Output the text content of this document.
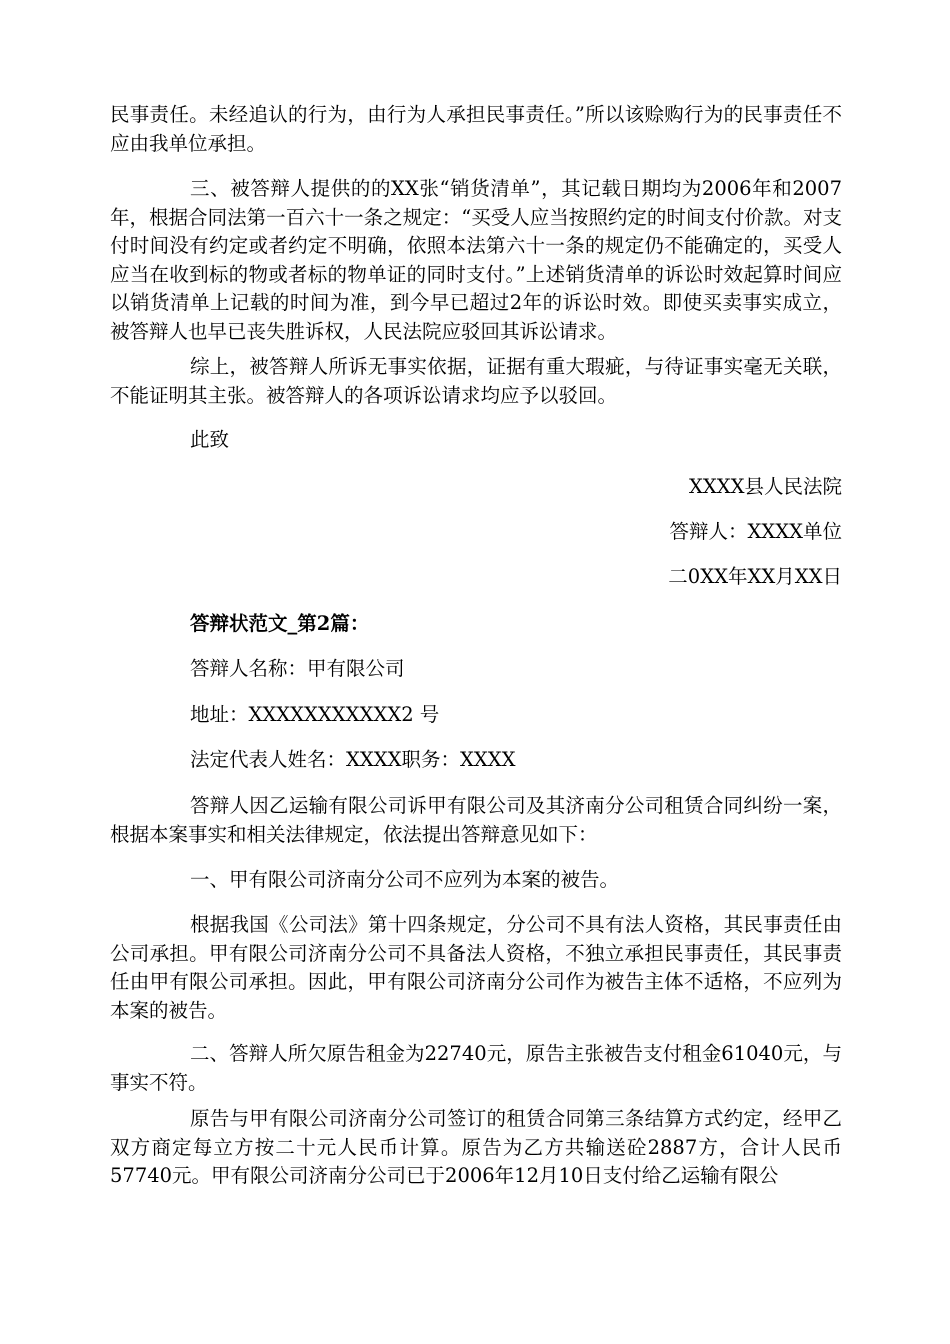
民事责任。未经追认的行为，由行为人承担民事责任。”所以该赊购行为的民事责任不应由我单位承担。

三、被答辩人提供的的XX张“销货清单”，其记载日期均为2006年和2007年，根据合同法第一百六十一条之规定：“买受人应当按照约定的时间支付价款。对支付时间没有约定或者约定不明确，依照本法第六十一条的规定仍不能确定的，买受人应当在收到标的物或者标的物单证的同时支付。”上述销货清单的诉讼时效起算时间应以销货清单上记载的时间为准，到今早已超过2年的诉讼时效。即使买卖事实成立，被答辩人也早已丧失胜诉权，人民法院应驳回其诉讼请求。

综上，被答辩人所诉无事实依据，证据有重大瑕疵，与待证事实毫无关联，不能证明其主张。被答辩人的各项诉讼请求均应予以驳回。

此致

XXXX县人民法院

答辩人：XXXX单位

二0XX年XX月XX日

答辩状范文_第2篇：

答辩人名称：甲有限公司

地址：XXXXXXXXXXX2 号

法定代表人姓名：XXXX职务：XXXX

答辩人因乙运输有限公司诉甲有限公司及其济南分公司租赁合同纠纷一案，根据本案事实和相关法律规定，依法提出答辩意见如下：

一、甲有限公司济南分公司不应列为本案的被告。

根据我国《公司法》第十四条规定，分公司不具有法人资格，其民事责任由公司承担。甲有限公司济南分公司不具备法人资格，不独立承担民事责任，其民事责任由甲有限公司承担。因此，甲有限公司济南分公司作为被告主体不适格，不应列为本案的被告。

二、答辩人所欠原告租金为22740元，原告主张被告支付租金61040元，与事实不符。

原告与甲有限公司济南分公司签订的租赁合同第三条结算方式约定，经甲乙双方商定每立方按二十元人民币计算。原告为乙方共输送砼2887方，合计人民币57740元。甲有限公司济南分公司已于2006年12月10日支付给乙运输有限公
